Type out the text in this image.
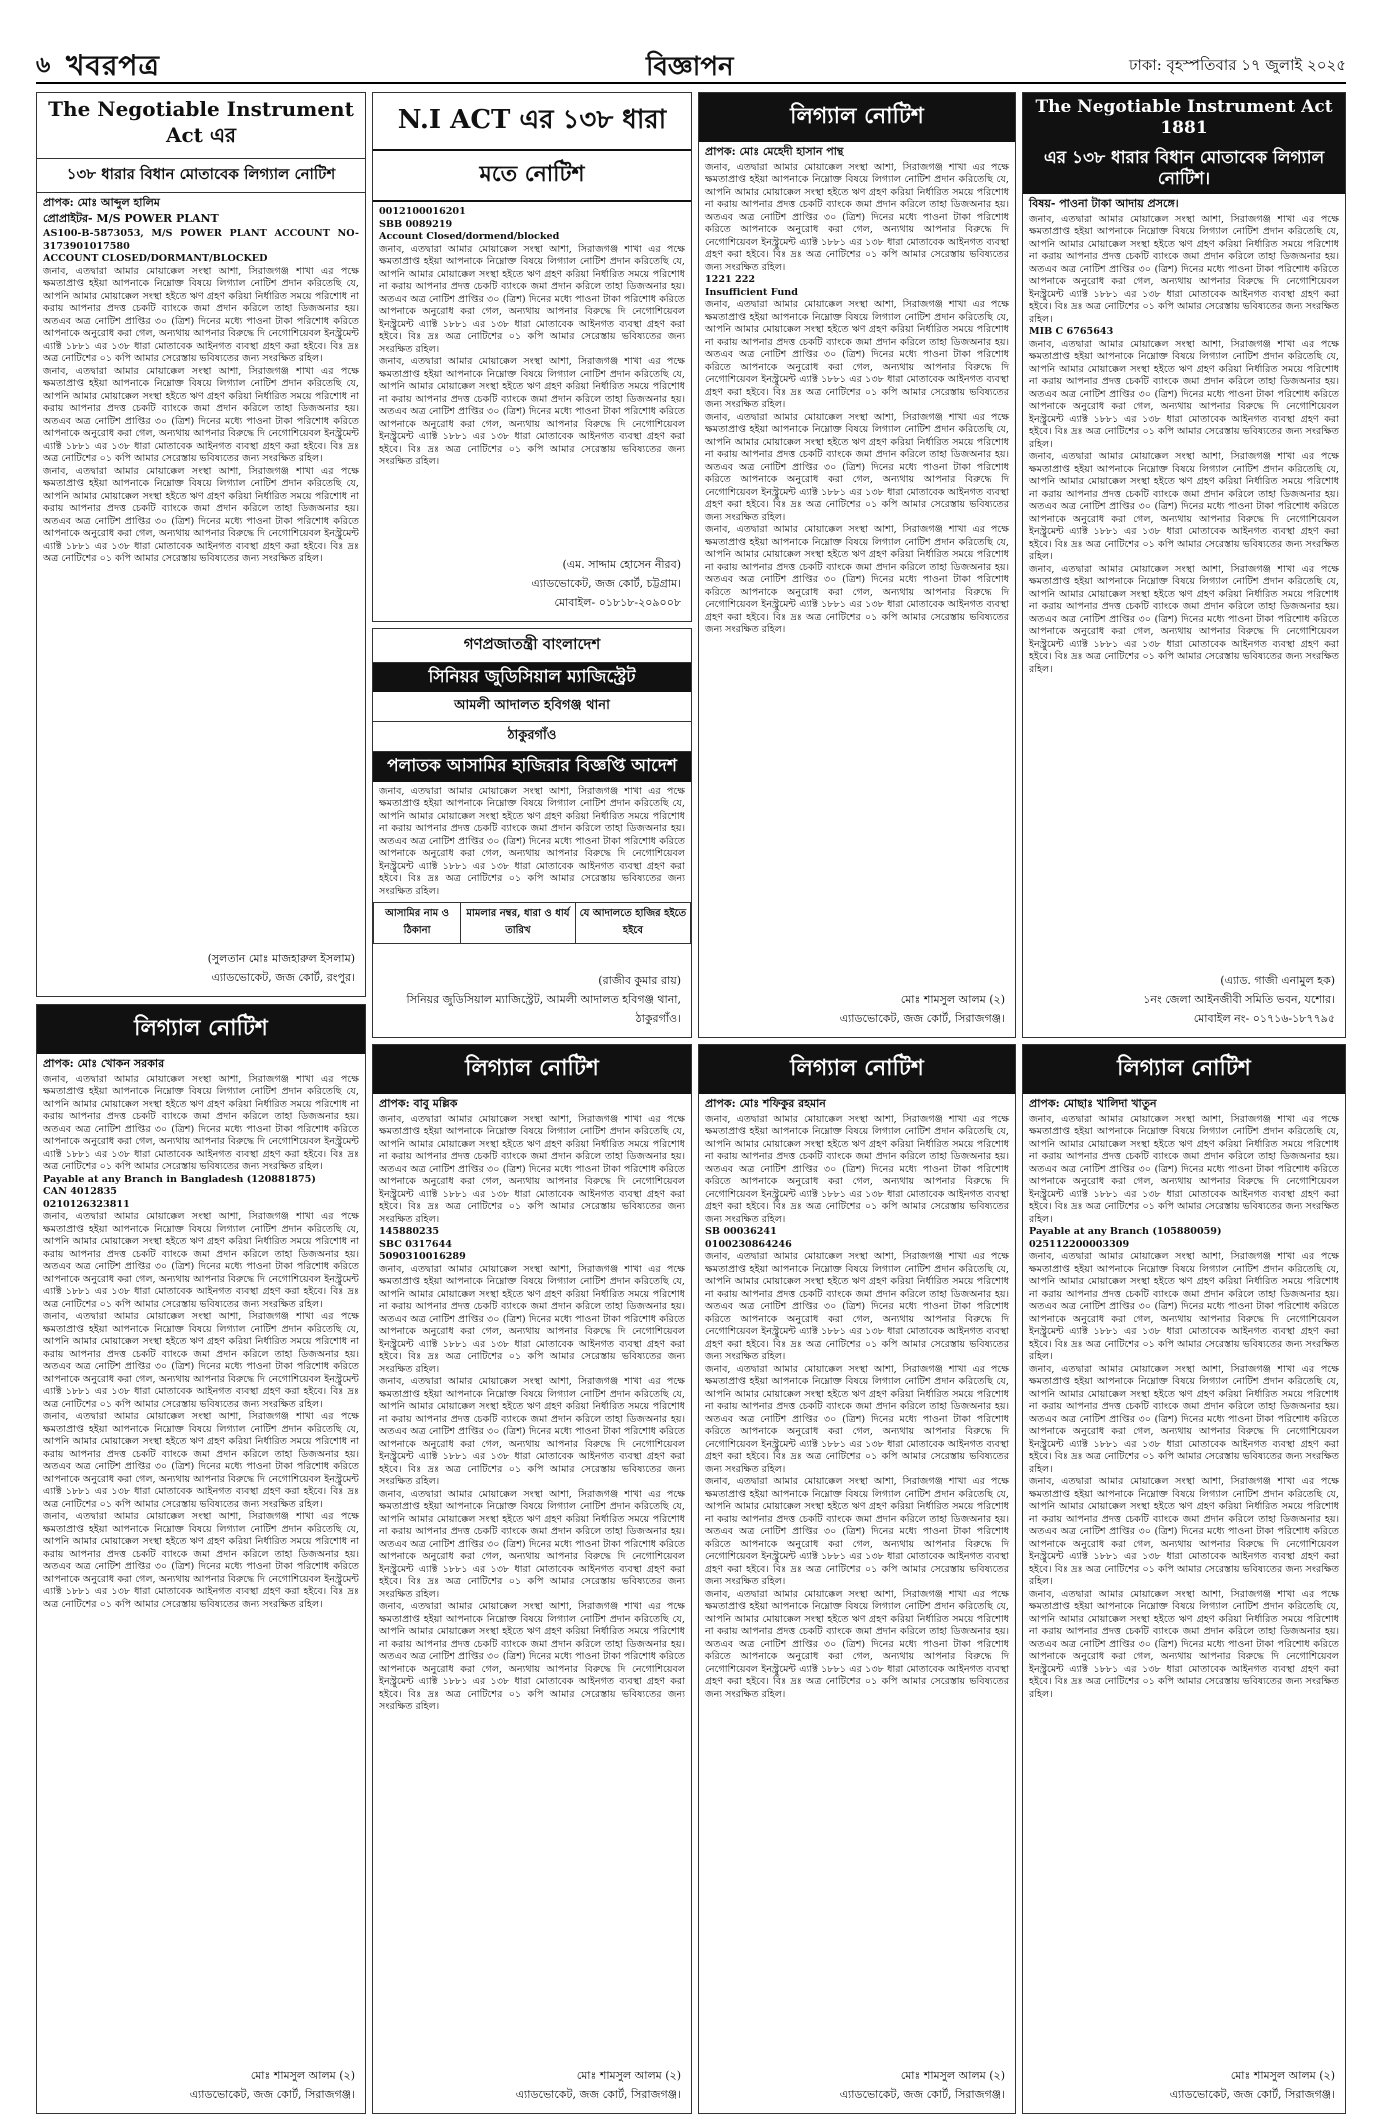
৬ খবরপত্র	বিজ্ঞাপন	ঢাকা: বৃহস্পতিবার ১৭ জুলাই ২০২৫
The Negotiable Instrument Act এর
১৩৮ ধারার বিধান মোতাবেক লিগ্যাল নোটিশ
প্রাপক: মোঃ আব্দুল হালিম
প্রোপ্রাইটর- M/S POWER PLANT
AS100-B-5873053, M/S POWER PLANT ACCOUNT NO-3173901017580
ACCOUNT CLOSED/DORMANT/BLOCKED
জনাব, এতদ্বারা আমার মোয়াক্কেল সংস্থা আশা, সিরাজগঞ্জ শাখা এর পক্ষে ক্ষমতাপ্রাপ্ত হইয়া আপনাকে নিম্নোক্ত বিষয়ে লিগ্যাল নোটিশ প্রদান করিতেছি যে, আপনি আমার মোয়াক্কেল সংস্থা হইতে ঋণ গ্রহণ করিয়া নির্ধারিত সময়ে পরিশোধ না করায় আপনার প্রদত্ত চেকটি ব্যাংকে জমা প্রদান করিলে তাহা ডিজঅনার হয়। অতএব অত্র নোটিশ প্রাপ্তির ৩০ (ত্রিশ) দিনের মধ্যে পাওনা টাকা পরিশোধ করিতে আপনাকে অনুরোধ করা গেল, অন্যথায় আপনার বিরুদ্ধে দি নেগোশিয়েবল ইনস্ট্রুমেন্ট এ্যাক্ট ১৮৮১ এর ১৩৮ ধারা মোতাবেক আইনগত ব্যবস্থা গ্রহণ করা হইবে। বিঃ দ্রঃ অত্র নোটিশের ০১ কপি আমার সেরেস্তায় ভবিষ্যতের জন্য সংরক্ষিত রহিল।
জনাব, এতদ্বারা আমার মোয়াক্কেল সংস্থা আশা, সিরাজগঞ্জ শাখা এর পক্ষে ক্ষমতাপ্রাপ্ত হইয়া আপনাকে নিম্নোক্ত বিষয়ে লিগ্যাল নোটিশ প্রদান করিতেছি যে, আপনি আমার মোয়াক্কেল সংস্থা হইতে ঋণ গ্রহণ করিয়া নির্ধারিত সময়ে পরিশোধ না করায় আপনার প্রদত্ত চেকটি ব্যাংকে জমা প্রদান করিলে তাহা ডিজঅনার হয়। অতএব অত্র নোটিশ প্রাপ্তির ৩০ (ত্রিশ) দিনের মধ্যে পাওনা টাকা পরিশোধ করিতে আপনাকে অনুরোধ করা গেল, অন্যথায় আপনার বিরুদ্ধে দি নেগোশিয়েবল ইনস্ট্রুমেন্ট এ্যাক্ট ১৮৮১ এর ১৩৮ ধারা মোতাবেক আইনগত ব্যবস্থা গ্রহণ করা হইবে। বিঃ দ্রঃ অত্র নোটিশের ০১ কপি আমার সেরেস্তায় ভবিষ্যতের জন্য সংরক্ষিত রহিল।
জনাব, এতদ্বারা আমার মোয়াক্কেল সংস্থা আশা, সিরাজগঞ্জ শাখা এর পক্ষে ক্ষমতাপ্রাপ্ত হইয়া আপনাকে নিম্নোক্ত বিষয়ে লিগ্যাল নোটিশ প্রদান করিতেছি যে, আপনি আমার মোয়াক্কেল সংস্থা হইতে ঋণ গ্রহণ করিয়া নির্ধারিত সময়ে পরিশোধ না করায় আপনার প্রদত্ত চেকটি ব্যাংকে জমা প্রদান করিলে তাহা ডিজঅনার হয়। অতএব অত্র নোটিশ প্রাপ্তির ৩০ (ত্রিশ) দিনের মধ্যে পাওনা টাকা পরিশোধ করিতে আপনাকে অনুরোধ করা গেল, অন্যথায় আপনার বিরুদ্ধে দি নেগোশিয়েবল ইনস্ট্রুমেন্ট এ্যাক্ট ১৮৮১ এর ১৩৮ ধারা মোতাবেক আইনগত ব্যবস্থা গ্রহণ করা হইবে। বিঃ দ্রঃ অত্র নোটিশের ০১ কপি আমার সেরেস্তায় ভবিষ্যতের জন্য সংরক্ষিত রহিল।
(সুলতান মোঃ মাজহারুল ইসলাম)
এ্যাডভোকেট, জজ কোর্ট, রংপুর।
N.I ACT এর ১৩৮ ধারা
মতে নোটিশ
0012100016201
SBB 0089219
Account Closed/dormend/blocked
জনাব, এতদ্বারা আমার মোয়াক্কেল সংস্থা আশা, সিরাজগঞ্জ শাখা এর পক্ষে ক্ষমতাপ্রাপ্ত হইয়া আপনাকে নিম্নোক্ত বিষয়ে লিগ্যাল নোটিশ প্রদান করিতেছি যে, আপনি আমার মোয়াক্কেল সংস্থা হইতে ঋণ গ্রহণ করিয়া নির্ধারিত সময়ে পরিশোধ না করায় আপনার প্রদত্ত চেকটি ব্যাংকে জমা প্রদান করিলে তাহা ডিজঅনার হয়। অতএব অত্র নোটিশ প্রাপ্তির ৩০ (ত্রিশ) দিনের মধ্যে পাওনা টাকা পরিশোধ করিতে আপনাকে অনুরোধ করা গেল, অন্যথায় আপনার বিরুদ্ধে দি নেগোশিয়েবল ইনস্ট্রুমেন্ট এ্যাক্ট ১৮৮১ এর ১৩৮ ধারা মোতাবেক আইনগত ব্যবস্থা গ্রহণ করা হইবে। বিঃ দ্রঃ অত্র নোটিশের ০১ কপি আমার সেরেস্তায় ভবিষ্যতের জন্য সংরক্ষিত রহিল।
জনাব, এতদ্বারা আমার মোয়াক্কেল সংস্থা আশা, সিরাজগঞ্জ শাখা এর পক্ষে ক্ষমতাপ্রাপ্ত হইয়া আপনাকে নিম্নোক্ত বিষয়ে লিগ্যাল নোটিশ প্রদান করিতেছি যে, আপনি আমার মোয়াক্কেল সংস্থা হইতে ঋণ গ্রহণ করিয়া নির্ধারিত সময়ে পরিশোধ না করায় আপনার প্রদত্ত চেকটি ব্যাংকে জমা প্রদান করিলে তাহা ডিজঅনার হয়। অতএব অত্র নোটিশ প্রাপ্তির ৩০ (ত্রিশ) দিনের মধ্যে পাওনা টাকা পরিশোধ করিতে আপনাকে অনুরোধ করা গেল, অন্যথায় আপনার বিরুদ্ধে দি নেগোশিয়েবল ইনস্ট্রুমেন্ট এ্যাক্ট ১৮৮১ এর ১৩৮ ধারা মোতাবেক আইনগত ব্যবস্থা গ্রহণ করা হইবে। বিঃ দ্রঃ অত্র নোটিশের ০১ কপি আমার সেরেস্তায় ভবিষ্যতের জন্য সংরক্ষিত রহিল।
(এম. সাদ্দাম হোসেন নীরব)
এ্যাডভোকেট, জজ কোর্ট, চট্টগ্রাম।
মোবাইল- ০১৮১৮-২০৯০০৮
গণপ্রজাতন্ত্রী বাংলাদেশ
সিনিয়র জুডিসিয়াল ম্যাজিস্ট্রেট
আমলী আদালত হবিগঞ্জ থানা
ঠাকুরগাঁও
পলাতক আসামির হাজিরার বিজ্ঞপ্তি আদেশ
জনাব, এতদ্বারা আমার মোয়াক্কেল সংস্থা আশা, সিরাজগঞ্জ শাখা এর পক্ষে ক্ষমতাপ্রাপ্ত হইয়া আপনাকে নিম্নোক্ত বিষয়ে লিগ্যাল নোটিশ প্রদান করিতেছি যে, আপনি আমার মোয়াক্কেল সংস্থা হইতে ঋণ গ্রহণ করিয়া নির্ধারিত সময়ে পরিশোধ না করায় আপনার প্রদত্ত চেকটি ব্যাংকে জমা প্রদান করিলে তাহা ডিজঅনার হয়। অতএব অত্র নোটিশ প্রাপ্তির ৩০ (ত্রিশ) দিনের মধ্যে পাওনা টাকা পরিশোধ করিতে আপনাকে অনুরোধ করা গেল, অন্যথায় আপনার বিরুদ্ধে দি নেগোশিয়েবল ইনস্ট্রুমেন্ট এ্যাক্ট ১৮৮১ এর ১৩৮ ধারা মোতাবেক আইনগত ব্যবস্থা গ্রহণ করা হইবে। বিঃ দ্রঃ অত্র নোটিশের ০১ কপি আমার সেরেস্তায় ভবিষ্যতের জন্য সংরক্ষিত রহিল।
আসামির নাম ও ঠিকানা	মামলার নম্বর, ধারা ও ধার্য তারিখ	যে আদালতে হাজির হইতে হইবে
(রাজীব কুমার রায়)
সিনিয়র জুডিসিয়াল ম্যাজিস্ট্রেট, আমলী আদালত হবিগঞ্জ থানা, ঠাকুরগাঁও।
লিগ্যাল নোটিশ
প্রাপক: মোঃ মেহেদী হাসান পান্থ
জনাব, এতদ্বারা আমার মোয়াক্কেল সংস্থা আশা, সিরাজগঞ্জ শাখা এর পক্ষে ক্ষমতাপ্রাপ্ত হইয়া আপনাকে নিম্নোক্ত বিষয়ে লিগ্যাল নোটিশ প্রদান করিতেছি যে, আপনি আমার মোয়াক্কেল সংস্থা হইতে ঋণ গ্রহণ করিয়া নির্ধারিত সময়ে পরিশোধ না করায় আপনার প্রদত্ত চেকটি ব্যাংকে জমা প্রদান করিলে তাহা ডিজঅনার হয়। অতএব অত্র নোটিশ প্রাপ্তির ৩০ (ত্রিশ) দিনের মধ্যে পাওনা টাকা পরিশোধ করিতে আপনাকে অনুরোধ করা গেল, অন্যথায় আপনার বিরুদ্ধে দি নেগোশিয়েবল ইনস্ট্রুমেন্ট এ্যাক্ট ১৮৮১ এর ১৩৮ ধারা মোতাবেক আইনগত ব্যবস্থা গ্রহণ করা হইবে। বিঃ দ্রঃ অত্র নোটিশের ০১ কপি আমার সেরেস্তায় ভবিষ্যতের জন্য সংরক্ষিত রহিল।
1221 222
Insufficient Fund
জনাব, এতদ্বারা আমার মোয়াক্কেল সংস্থা আশা, সিরাজগঞ্জ শাখা এর পক্ষে ক্ষমতাপ্রাপ্ত হইয়া আপনাকে নিম্নোক্ত বিষয়ে লিগ্যাল নোটিশ প্রদান করিতেছি যে, আপনি আমার মোয়াক্কেল সংস্থা হইতে ঋণ গ্রহণ করিয়া নির্ধারিত সময়ে পরিশোধ না করায় আপনার প্রদত্ত চেকটি ব্যাংকে জমা প্রদান করিলে তাহা ডিজঅনার হয়। অতএব অত্র নোটিশ প্রাপ্তির ৩০ (ত্রিশ) দিনের মধ্যে পাওনা টাকা পরিশোধ করিতে আপনাকে অনুরোধ করা গেল, অন্যথায় আপনার বিরুদ্ধে দি নেগোশিয়েবল ইনস্ট্রুমেন্ট এ্যাক্ট ১৮৮১ এর ১৩৮ ধারা মোতাবেক আইনগত ব্যবস্থা গ্রহণ করা হইবে। বিঃ দ্রঃ অত্র নোটিশের ০১ কপি আমার সেরেস্তায় ভবিষ্যতের জন্য সংরক্ষিত রহিল।
জনাব, এতদ্বারা আমার মোয়াক্কেল সংস্থা আশা, সিরাজগঞ্জ শাখা এর পক্ষে ক্ষমতাপ্রাপ্ত হইয়া আপনাকে নিম্নোক্ত বিষয়ে লিগ্যাল নোটিশ প্রদান করিতেছি যে, আপনি আমার মোয়াক্কেল সংস্থা হইতে ঋণ গ্রহণ করিয়া নির্ধারিত সময়ে পরিশোধ না করায় আপনার প্রদত্ত চেকটি ব্যাংকে জমা প্রদান করিলে তাহা ডিজঅনার হয়। অতএব অত্র নোটিশ প্রাপ্তির ৩০ (ত্রিশ) দিনের মধ্যে পাওনা টাকা পরিশোধ করিতে আপনাকে অনুরোধ করা গেল, অন্যথায় আপনার বিরুদ্ধে দি নেগোশিয়েবল ইনস্ট্রুমেন্ট এ্যাক্ট ১৮৮১ এর ১৩৮ ধারা মোতাবেক আইনগত ব্যবস্থা গ্রহণ করা হইবে। বিঃ দ্রঃ অত্র নোটিশের ০১ কপি আমার সেরেস্তায় ভবিষ্যতের জন্য সংরক্ষিত রহিল।
জনাব, এতদ্বারা আমার মোয়াক্কেল সংস্থা আশা, সিরাজগঞ্জ শাখা এর পক্ষে ক্ষমতাপ্রাপ্ত হইয়া আপনাকে নিম্নোক্ত বিষয়ে লিগ্যাল নোটিশ প্রদান করিতেছি যে, আপনি আমার মোয়াক্কেল সংস্থা হইতে ঋণ গ্রহণ করিয়া নির্ধারিত সময়ে পরিশোধ না করায় আপনার প্রদত্ত চেকটি ব্যাংকে জমা প্রদান করিলে তাহা ডিজঅনার হয়। অতএব অত্র নোটিশ প্রাপ্তির ৩০ (ত্রিশ) দিনের মধ্যে পাওনা টাকা পরিশোধ করিতে আপনাকে অনুরোধ করা গেল, অন্যথায় আপনার বিরুদ্ধে দি নেগোশিয়েবল ইনস্ট্রুমেন্ট এ্যাক্ট ১৮৮১ এর ১৩৮ ধারা মোতাবেক আইনগত ব্যবস্থা গ্রহণ করা হইবে। বিঃ দ্রঃ অত্র নোটিশের ০১ কপি আমার সেরেস্তায় ভবিষ্যতের জন্য সংরক্ষিত রহিল।
মোঃ শামসুল আলম (২)
এ্যাডভোকেট, জজ কোর্ট, সিরাজগঞ্জ।
The Negotiable Instrument Act 1881
এর ১৩৮ ধারার বিধান মোতাবেক লিগ্যাল নোটিশ।
বিষয়- পাওনা টাকা আদায় প্রসঙ্গে।
জনাব, এতদ্বারা আমার মোয়াক্কেল সংস্থা আশা, সিরাজগঞ্জ শাখা এর পক্ষে ক্ষমতাপ্রাপ্ত হইয়া আপনাকে নিম্নোক্ত বিষয়ে লিগ্যাল নোটিশ প্রদান করিতেছি যে, আপনি আমার মোয়াক্কেল সংস্থা হইতে ঋণ গ্রহণ করিয়া নির্ধারিত সময়ে পরিশোধ না করায় আপনার প্রদত্ত চেকটি ব্যাংকে জমা প্রদান করিলে তাহা ডিজঅনার হয়। অতএব অত্র নোটিশ প্রাপ্তির ৩০ (ত্রিশ) দিনের মধ্যে পাওনা টাকা পরিশোধ করিতে আপনাকে অনুরোধ করা গেল, অন্যথায় আপনার বিরুদ্ধে দি নেগোশিয়েবল ইনস্ট্রুমেন্ট এ্যাক্ট ১৮৮১ এর ১৩৮ ধারা মোতাবেক আইনগত ব্যবস্থা গ্রহণ করা হইবে। বিঃ দ্রঃ অত্র নোটিশের ০১ কপি আমার সেরেস্তায় ভবিষ্যতের জন্য সংরক্ষিত রহিল।
MIB C 6765643
জনাব, এতদ্বারা আমার মোয়াক্কেল সংস্থা আশা, সিরাজগঞ্জ শাখা এর পক্ষে ক্ষমতাপ্রাপ্ত হইয়া আপনাকে নিম্নোক্ত বিষয়ে লিগ্যাল নোটিশ প্রদান করিতেছি যে, আপনি আমার মোয়াক্কেল সংস্থা হইতে ঋণ গ্রহণ করিয়া নির্ধারিত সময়ে পরিশোধ না করায় আপনার প্রদত্ত চেকটি ব্যাংকে জমা প্রদান করিলে তাহা ডিজঅনার হয়। অতএব অত্র নোটিশ প্রাপ্তির ৩০ (ত্রিশ) দিনের মধ্যে পাওনা টাকা পরিশোধ করিতে আপনাকে অনুরোধ করা গেল, অন্যথায় আপনার বিরুদ্ধে দি নেগোশিয়েবল ইনস্ট্রুমেন্ট এ্যাক্ট ১৮৮১ এর ১৩৮ ধারা মোতাবেক আইনগত ব্যবস্থা গ্রহণ করা হইবে। বিঃ দ্রঃ অত্র নোটিশের ০১ কপি আমার সেরেস্তায় ভবিষ্যতের জন্য সংরক্ষিত রহিল।
জনাব, এতদ্বারা আমার মোয়াক্কেল সংস্থা আশা, সিরাজগঞ্জ শাখা এর পক্ষে ক্ষমতাপ্রাপ্ত হইয়া আপনাকে নিম্নোক্ত বিষয়ে লিগ্যাল নোটিশ প্রদান করিতেছি যে, আপনি আমার মোয়াক্কেল সংস্থা হইতে ঋণ গ্রহণ করিয়া নির্ধারিত সময়ে পরিশোধ না করায় আপনার প্রদত্ত চেকটি ব্যাংকে জমা প্রদান করিলে তাহা ডিজঅনার হয়। অতএব অত্র নোটিশ প্রাপ্তির ৩০ (ত্রিশ) দিনের মধ্যে পাওনা টাকা পরিশোধ করিতে আপনাকে অনুরোধ করা গেল, অন্যথায় আপনার বিরুদ্ধে দি নেগোশিয়েবল ইনস্ট্রুমেন্ট এ্যাক্ট ১৮৮১ এর ১৩৮ ধারা মোতাবেক আইনগত ব্যবস্থা গ্রহণ করা হইবে। বিঃ দ্রঃ অত্র নোটিশের ০১ কপি আমার সেরেস্তায় ভবিষ্যতের জন্য সংরক্ষিত রহিল।
জনাব, এতদ্বারা আমার মোয়াক্কেল সংস্থা আশা, সিরাজগঞ্জ শাখা এর পক্ষে ক্ষমতাপ্রাপ্ত হইয়া আপনাকে নিম্নোক্ত বিষয়ে লিগ্যাল নোটিশ প্রদান করিতেছি যে, আপনি আমার মোয়াক্কেল সংস্থা হইতে ঋণ গ্রহণ করিয়া নির্ধারিত সময়ে পরিশোধ না করায় আপনার প্রদত্ত চেকটি ব্যাংকে জমা প্রদান করিলে তাহা ডিজঅনার হয়। অতএব অত্র নোটিশ প্রাপ্তির ৩০ (ত্রিশ) দিনের মধ্যে পাওনা টাকা পরিশোধ করিতে আপনাকে অনুরোধ করা গেল, অন্যথায় আপনার বিরুদ্ধে দি নেগোশিয়েবল ইনস্ট্রুমেন্ট এ্যাক্ট ১৮৮১ এর ১৩৮ ধারা মোতাবেক আইনগত ব্যবস্থা গ্রহণ করা হইবে। বিঃ দ্রঃ অত্র নোটিশের ০১ কপি আমার সেরেস্তায় ভবিষ্যতের জন্য সংরক্ষিত রহিল।
(এ্যাড. গাজী এনামুল হক)
১নং জেলা আইনজীবী সমিতি ভবন, যশোর।
মোবাইল নং- ০১৭১৬-১৮৭৭৯৫
লিগ্যাল নোটিশ
প্রাপক: মোঃ খোকন সরকার
জনাব, এতদ্বারা আমার মোয়াক্কেল সংস্থা আশা, সিরাজগঞ্জ শাখা এর পক্ষে ক্ষমতাপ্রাপ্ত হইয়া আপনাকে নিম্নোক্ত বিষয়ে লিগ্যাল নোটিশ প্রদান করিতেছি যে, আপনি আমার মোয়াক্কেল সংস্থা হইতে ঋণ গ্রহণ করিয়া নির্ধারিত সময়ে পরিশোধ না করায় আপনার প্রদত্ত চেকটি ব্যাংকে জমা প্রদান করিলে তাহা ডিজঅনার হয়। অতএব অত্র নোটিশ প্রাপ্তির ৩০ (ত্রিশ) দিনের মধ্যে পাওনা টাকা পরিশোধ করিতে আপনাকে অনুরোধ করা গেল, অন্যথায় আপনার বিরুদ্ধে দি নেগোশিয়েবল ইনস্ট্রুমেন্ট এ্যাক্ট ১৮৮১ এর ১৩৮ ধারা মোতাবেক আইনগত ব্যবস্থা গ্রহণ করা হইবে। বিঃ দ্রঃ অত্র নোটিশের ০১ কপি আমার সেরেস্তায় ভবিষ্যতের জন্য সংরক্ষিত রহিল।
Payable at any Branch in Bangladesh (120881875)
CAN 4012835
0210126323811
জনাব, এতদ্বারা আমার মোয়াক্কেল সংস্থা আশা, সিরাজগঞ্জ শাখা এর পক্ষে ক্ষমতাপ্রাপ্ত হইয়া আপনাকে নিম্নোক্ত বিষয়ে লিগ্যাল নোটিশ প্রদান করিতেছি যে, আপনি আমার মোয়াক্কেল সংস্থা হইতে ঋণ গ্রহণ করিয়া নির্ধারিত সময়ে পরিশোধ না করায় আপনার প্রদত্ত চেকটি ব্যাংকে জমা প্রদান করিলে তাহা ডিজঅনার হয়। অতএব অত্র নোটিশ প্রাপ্তির ৩০ (ত্রিশ) দিনের মধ্যে পাওনা টাকা পরিশোধ করিতে আপনাকে অনুরোধ করা গেল, অন্যথায় আপনার বিরুদ্ধে দি নেগোশিয়েবল ইনস্ট্রুমেন্ট এ্যাক্ট ১৮৮১ এর ১৩৮ ধারা মোতাবেক আইনগত ব্যবস্থা গ্রহণ করা হইবে। বিঃ দ্রঃ অত্র নোটিশের ০১ কপি আমার সেরেস্তায় ভবিষ্যতের জন্য সংরক্ষিত রহিল।
জনাব, এতদ্বারা আমার মোয়াক্কেল সংস্থা আশা, সিরাজগঞ্জ শাখা এর পক্ষে ক্ষমতাপ্রাপ্ত হইয়া আপনাকে নিম্নোক্ত বিষয়ে লিগ্যাল নোটিশ প্রদান করিতেছি যে, আপনি আমার মোয়াক্কেল সংস্থা হইতে ঋণ গ্রহণ করিয়া নির্ধারিত সময়ে পরিশোধ না করায় আপনার প্রদত্ত চেকটি ব্যাংকে জমা প্রদান করিলে তাহা ডিজঅনার হয়। অতএব অত্র নোটিশ প্রাপ্তির ৩০ (ত্রিশ) দিনের মধ্যে পাওনা টাকা পরিশোধ করিতে আপনাকে অনুরোধ করা গেল, অন্যথায় আপনার বিরুদ্ধে দি নেগোশিয়েবল ইনস্ট্রুমেন্ট এ্যাক্ট ১৮৮১ এর ১৩৮ ধারা মোতাবেক আইনগত ব্যবস্থা গ্রহণ করা হইবে। বিঃ দ্রঃ অত্র নোটিশের ০১ কপি আমার সেরেস্তায় ভবিষ্যতের জন্য সংরক্ষিত রহিল।
জনাব, এতদ্বারা আমার মোয়াক্কেল সংস্থা আশা, সিরাজগঞ্জ শাখা এর পক্ষে ক্ষমতাপ্রাপ্ত হইয়া আপনাকে নিম্নোক্ত বিষয়ে লিগ্যাল নোটিশ প্রদান করিতেছি যে, আপনি আমার মোয়াক্কেল সংস্থা হইতে ঋণ গ্রহণ করিয়া নির্ধারিত সময়ে পরিশোধ না করায় আপনার প্রদত্ত চেকটি ব্যাংকে জমা প্রদান করিলে তাহা ডিজঅনার হয়। অতএব অত্র নোটিশ প্রাপ্তির ৩০ (ত্রিশ) দিনের মধ্যে পাওনা টাকা পরিশোধ করিতে আপনাকে অনুরোধ করা গেল, অন্যথায় আপনার বিরুদ্ধে দি নেগোশিয়েবল ইনস্ট্রুমেন্ট এ্যাক্ট ১৮৮১ এর ১৩৮ ধারা মোতাবেক আইনগত ব্যবস্থা গ্রহণ করা হইবে। বিঃ দ্রঃ অত্র নোটিশের ০১ কপি আমার সেরেস্তায় ভবিষ্যতের জন্য সংরক্ষিত রহিল।
জনাব, এতদ্বারা আমার মোয়াক্কেল সংস্থা আশা, সিরাজগঞ্জ শাখা এর পক্ষে ক্ষমতাপ্রাপ্ত হইয়া আপনাকে নিম্নোক্ত বিষয়ে লিগ্যাল নোটিশ প্রদান করিতেছি যে, আপনি আমার মোয়াক্কেল সংস্থা হইতে ঋণ গ্রহণ করিয়া নির্ধারিত সময়ে পরিশোধ না করায় আপনার প্রদত্ত চেকটি ব্যাংকে জমা প্রদান করিলে তাহা ডিজঅনার হয়। অতএব অত্র নোটিশ প্রাপ্তির ৩০ (ত্রিশ) দিনের মধ্যে পাওনা টাকা পরিশোধ করিতে আপনাকে অনুরোধ করা গেল, অন্যথায় আপনার বিরুদ্ধে দি নেগোশিয়েবল ইনস্ট্রুমেন্ট এ্যাক্ট ১৮৮১ এর ১৩৮ ধারা মোতাবেক আইনগত ব্যবস্থা গ্রহণ করা হইবে। বিঃ দ্রঃ অত্র নোটিশের ০১ কপি আমার সেরেস্তায় ভবিষ্যতের জন্য সংরক্ষিত রহিল।
মোঃ শামসুল আলম (২)
এ্যাডভোকেট, জজ কোর্ট, সিরাজগঞ্জ।
লিগ্যাল নোটিশ
প্রাপক: বাবু মল্লিক
জনাব, এতদ্বারা আমার মোয়াক্কেল সংস্থা আশা, সিরাজগঞ্জ শাখা এর পক্ষে ক্ষমতাপ্রাপ্ত হইয়া আপনাকে নিম্নোক্ত বিষয়ে লিগ্যাল নোটিশ প্রদান করিতেছি যে, আপনি আমার মোয়াক্কেল সংস্থা হইতে ঋণ গ্রহণ করিয়া নির্ধারিত সময়ে পরিশোধ না করায় আপনার প্রদত্ত চেকটি ব্যাংকে জমা প্রদান করিলে তাহা ডিজঅনার হয়। অতএব অত্র নোটিশ প্রাপ্তির ৩০ (ত্রিশ) দিনের মধ্যে পাওনা টাকা পরিশোধ করিতে আপনাকে অনুরোধ করা গেল, অন্যথায় আপনার বিরুদ্ধে দি নেগোশিয়েবল ইনস্ট্রুমেন্ট এ্যাক্ট ১৮৮১ এর ১৩৮ ধারা মোতাবেক আইনগত ব্যবস্থা গ্রহণ করা হইবে। বিঃ দ্রঃ অত্র নোটিশের ০১ কপি আমার সেরেস্তায় ভবিষ্যতের জন্য সংরক্ষিত রহিল।
145880235
SBC 0317644
5090310016289
জনাব, এতদ্বারা আমার মোয়াক্কেল সংস্থা আশা, সিরাজগঞ্জ শাখা এর পক্ষে ক্ষমতাপ্রাপ্ত হইয়া আপনাকে নিম্নোক্ত বিষয়ে লিগ্যাল নোটিশ প্রদান করিতেছি যে, আপনি আমার মোয়াক্কেল সংস্থা হইতে ঋণ গ্রহণ করিয়া নির্ধারিত সময়ে পরিশোধ না করায় আপনার প্রদত্ত চেকটি ব্যাংকে জমা প্রদান করিলে তাহা ডিজঅনার হয়। অতএব অত্র নোটিশ প্রাপ্তির ৩০ (ত্রিশ) দিনের মধ্যে পাওনা টাকা পরিশোধ করিতে আপনাকে অনুরোধ করা গেল, অন্যথায় আপনার বিরুদ্ধে দি নেগোশিয়েবল ইনস্ট্রুমেন্ট এ্যাক্ট ১৮৮১ এর ১৩৮ ধারা মোতাবেক আইনগত ব্যবস্থা গ্রহণ করা হইবে। বিঃ দ্রঃ অত্র নোটিশের ০১ কপি আমার সেরেস্তায় ভবিষ্যতের জন্য সংরক্ষিত রহিল।
জনাব, এতদ্বারা আমার মোয়াক্কেল সংস্থা আশা, সিরাজগঞ্জ শাখা এর পক্ষে ক্ষমতাপ্রাপ্ত হইয়া আপনাকে নিম্নোক্ত বিষয়ে লিগ্যাল নোটিশ প্রদান করিতেছি যে, আপনি আমার মোয়াক্কেল সংস্থা হইতে ঋণ গ্রহণ করিয়া নির্ধারিত সময়ে পরিশোধ না করায় আপনার প্রদত্ত চেকটি ব্যাংকে জমা প্রদান করিলে তাহা ডিজঅনার হয়। অতএব অত্র নোটিশ প্রাপ্তির ৩০ (ত্রিশ) দিনের মধ্যে পাওনা টাকা পরিশোধ করিতে আপনাকে অনুরোধ করা গেল, অন্যথায় আপনার বিরুদ্ধে দি নেগোশিয়েবল ইনস্ট্রুমেন্ট এ্যাক্ট ১৮৮১ এর ১৩৮ ধারা মোতাবেক আইনগত ব্যবস্থা গ্রহণ করা হইবে। বিঃ দ্রঃ অত্র নোটিশের ০১ কপি আমার সেরেস্তায় ভবিষ্যতের জন্য সংরক্ষিত রহিল।
জনাব, এতদ্বারা আমার মোয়াক্কেল সংস্থা আশা, সিরাজগঞ্জ শাখা এর পক্ষে ক্ষমতাপ্রাপ্ত হইয়া আপনাকে নিম্নোক্ত বিষয়ে লিগ্যাল নোটিশ প্রদান করিতেছি যে, আপনি আমার মোয়াক্কেল সংস্থা হইতে ঋণ গ্রহণ করিয়া নির্ধারিত সময়ে পরিশোধ না করায় আপনার প্রদত্ত চেকটি ব্যাংকে জমা প্রদান করিলে তাহা ডিজঅনার হয়। অতএব অত্র নোটিশ প্রাপ্তির ৩০ (ত্রিশ) দিনের মধ্যে পাওনা টাকা পরিশোধ করিতে আপনাকে অনুরোধ করা গেল, অন্যথায় আপনার বিরুদ্ধে দি নেগোশিয়েবল ইনস্ট্রুমেন্ট এ্যাক্ট ১৮৮১ এর ১৩৮ ধারা মোতাবেক আইনগত ব্যবস্থা গ্রহণ করা হইবে। বিঃ দ্রঃ অত্র নোটিশের ০১ কপি আমার সেরেস্তায় ভবিষ্যতের জন্য সংরক্ষিত রহিল।
জনাব, এতদ্বারা আমার মোয়াক্কেল সংস্থা আশা, সিরাজগঞ্জ শাখা এর পক্ষে ক্ষমতাপ্রাপ্ত হইয়া আপনাকে নিম্নোক্ত বিষয়ে লিগ্যাল নোটিশ প্রদান করিতেছি যে, আপনি আমার মোয়াক্কেল সংস্থা হইতে ঋণ গ্রহণ করিয়া নির্ধারিত সময়ে পরিশোধ না করায় আপনার প্রদত্ত চেকটি ব্যাংকে জমা প্রদান করিলে তাহা ডিজঅনার হয়। অতএব অত্র নোটিশ প্রাপ্তির ৩০ (ত্রিশ) দিনের মধ্যে পাওনা টাকা পরিশোধ করিতে আপনাকে অনুরোধ করা গেল, অন্যথায় আপনার বিরুদ্ধে দি নেগোশিয়েবল ইনস্ট্রুমেন্ট এ্যাক্ট ১৮৮১ এর ১৩৮ ধারা মোতাবেক আইনগত ব্যবস্থা গ্রহণ করা হইবে। বিঃ দ্রঃ অত্র নোটিশের ০১ কপি আমার সেরেস্তায় ভবিষ্যতের জন্য সংরক্ষিত রহিল।
মোঃ শামসুল আলম (২)
এ্যাডভোকেট, জজ কোর্ট, সিরাজগঞ্জ।
লিগ্যাল নোটিশ
প্রাপক: মোঃ শফিকুর রহমান
জনাব, এতদ্বারা আমার মোয়াক্কেল সংস্থা আশা, সিরাজগঞ্জ শাখা এর পক্ষে ক্ষমতাপ্রাপ্ত হইয়া আপনাকে নিম্নোক্ত বিষয়ে লিগ্যাল নোটিশ প্রদান করিতেছি যে, আপনি আমার মোয়াক্কেল সংস্থা হইতে ঋণ গ্রহণ করিয়া নির্ধারিত সময়ে পরিশোধ না করায় আপনার প্রদত্ত চেকটি ব্যাংকে জমা প্রদান করিলে তাহা ডিজঅনার হয়। অতএব অত্র নোটিশ প্রাপ্তির ৩০ (ত্রিশ) দিনের মধ্যে পাওনা টাকা পরিশোধ করিতে আপনাকে অনুরোধ করা গেল, অন্যথায় আপনার বিরুদ্ধে দি নেগোশিয়েবল ইনস্ট্রুমেন্ট এ্যাক্ট ১৮৮১ এর ১৩৮ ধারা মোতাবেক আইনগত ব্যবস্থা গ্রহণ করা হইবে। বিঃ দ্রঃ অত্র নোটিশের ০১ কপি আমার সেরেস্তায় ভবিষ্যতের জন্য সংরক্ষিত রহিল।
SB 00036241
0100230864246
জনাব, এতদ্বারা আমার মোয়াক্কেল সংস্থা আশা, সিরাজগঞ্জ শাখা এর পক্ষে ক্ষমতাপ্রাপ্ত হইয়া আপনাকে নিম্নোক্ত বিষয়ে লিগ্যাল নোটিশ প্রদান করিতেছি যে, আপনি আমার মোয়াক্কেল সংস্থা হইতে ঋণ গ্রহণ করিয়া নির্ধারিত সময়ে পরিশোধ না করায় আপনার প্রদত্ত চেকটি ব্যাংকে জমা প্রদান করিলে তাহা ডিজঅনার হয়। অতএব অত্র নোটিশ প্রাপ্তির ৩০ (ত্রিশ) দিনের মধ্যে পাওনা টাকা পরিশোধ করিতে আপনাকে অনুরোধ করা গেল, অন্যথায় আপনার বিরুদ্ধে দি নেগোশিয়েবল ইনস্ট্রুমেন্ট এ্যাক্ট ১৮৮১ এর ১৩৮ ধারা মোতাবেক আইনগত ব্যবস্থা গ্রহণ করা হইবে। বিঃ দ্রঃ অত্র নোটিশের ০১ কপি আমার সেরেস্তায় ভবিষ্যতের জন্য সংরক্ষিত রহিল।
জনাব, এতদ্বারা আমার মোয়াক্কেল সংস্থা আশা, সিরাজগঞ্জ শাখা এর পক্ষে ক্ষমতাপ্রাপ্ত হইয়া আপনাকে নিম্নোক্ত বিষয়ে লিগ্যাল নোটিশ প্রদান করিতেছি যে, আপনি আমার মোয়াক্কেল সংস্থা হইতে ঋণ গ্রহণ করিয়া নির্ধারিত সময়ে পরিশোধ না করায় আপনার প্রদত্ত চেকটি ব্যাংকে জমা প্রদান করিলে তাহা ডিজঅনার হয়। অতএব অত্র নোটিশ প্রাপ্তির ৩০ (ত্রিশ) দিনের মধ্যে পাওনা টাকা পরিশোধ করিতে আপনাকে অনুরোধ করা গেল, অন্যথায় আপনার বিরুদ্ধে দি নেগোশিয়েবল ইনস্ট্রুমেন্ট এ্যাক্ট ১৮৮১ এর ১৩৮ ধারা মোতাবেক আইনগত ব্যবস্থা গ্রহণ করা হইবে। বিঃ দ্রঃ অত্র নোটিশের ০১ কপি আমার সেরেস্তায় ভবিষ্যতের জন্য সংরক্ষিত রহিল।
জনাব, এতদ্বারা আমার মোয়াক্কেল সংস্থা আশা, সিরাজগঞ্জ শাখা এর পক্ষে ক্ষমতাপ্রাপ্ত হইয়া আপনাকে নিম্নোক্ত বিষয়ে লিগ্যাল নোটিশ প্রদান করিতেছি যে, আপনি আমার মোয়াক্কেল সংস্থা হইতে ঋণ গ্রহণ করিয়া নির্ধারিত সময়ে পরিশোধ না করায় আপনার প্রদত্ত চেকটি ব্যাংকে জমা প্রদান করিলে তাহা ডিজঅনার হয়। অতএব অত্র নোটিশ প্রাপ্তির ৩০ (ত্রিশ) দিনের মধ্যে পাওনা টাকা পরিশোধ করিতে আপনাকে অনুরোধ করা গেল, অন্যথায় আপনার বিরুদ্ধে দি নেগোশিয়েবল ইনস্ট্রুমেন্ট এ্যাক্ট ১৮৮১ এর ১৩৮ ধারা মোতাবেক আইনগত ব্যবস্থা গ্রহণ করা হইবে। বিঃ দ্রঃ অত্র নোটিশের ০১ কপি আমার সেরেস্তায় ভবিষ্যতের জন্য সংরক্ষিত রহিল।
জনাব, এতদ্বারা আমার মোয়াক্কেল সংস্থা আশা, সিরাজগঞ্জ শাখা এর পক্ষে ক্ষমতাপ্রাপ্ত হইয়া আপনাকে নিম্নোক্ত বিষয়ে লিগ্যাল নোটিশ প্রদান করিতেছি যে, আপনি আমার মোয়াক্কেল সংস্থা হইতে ঋণ গ্রহণ করিয়া নির্ধারিত সময়ে পরিশোধ না করায় আপনার প্রদত্ত চেকটি ব্যাংকে জমা প্রদান করিলে তাহা ডিজঅনার হয়। অতএব অত্র নোটিশ প্রাপ্তির ৩০ (ত্রিশ) দিনের মধ্যে পাওনা টাকা পরিশোধ করিতে আপনাকে অনুরোধ করা গেল, অন্যথায় আপনার বিরুদ্ধে দি নেগোশিয়েবল ইনস্ট্রুমেন্ট এ্যাক্ট ১৮৮১ এর ১৩৮ ধারা মোতাবেক আইনগত ব্যবস্থা গ্রহণ করা হইবে। বিঃ দ্রঃ অত্র নোটিশের ০১ কপি আমার সেরেস্তায় ভবিষ্যতের জন্য সংরক্ষিত রহিল।
মোঃ শামসুল আলম (২)
এ্যাডভোকেট, জজ কোর্ট, সিরাজগঞ্জ।
লিগ্যাল নোটিশ
প্রাপক: মোছাঃ খালিদা খাতুন
জনাব, এতদ্বারা আমার মোয়াক্কেল সংস্থা আশা, সিরাজগঞ্জ শাখা এর পক্ষে ক্ষমতাপ্রাপ্ত হইয়া আপনাকে নিম্নোক্ত বিষয়ে লিগ্যাল নোটিশ প্রদান করিতেছি যে, আপনি আমার মোয়াক্কেল সংস্থা হইতে ঋণ গ্রহণ করিয়া নির্ধারিত সময়ে পরিশোধ না করায় আপনার প্রদত্ত চেকটি ব্যাংকে জমা প্রদান করিলে তাহা ডিজঅনার হয়। অতএব অত্র নোটিশ প্রাপ্তির ৩০ (ত্রিশ) দিনের মধ্যে পাওনা টাকা পরিশোধ করিতে আপনাকে অনুরোধ করা গেল, অন্যথায় আপনার বিরুদ্ধে দি নেগোশিয়েবল ইনস্ট্রুমেন্ট এ্যাক্ট ১৮৮১ এর ১৩৮ ধারা মোতাবেক আইনগত ব্যবস্থা গ্রহণ করা হইবে। বিঃ দ্রঃ অত্র নোটিশের ০১ কপি আমার সেরেস্তায় ভবিষ্যতের জন্য সংরক্ষিত রহিল।
Payable at any Branch (105880059)
025112200003309
জনাব, এতদ্বারা আমার মোয়াক্কেল সংস্থা আশা, সিরাজগঞ্জ শাখা এর পক্ষে ক্ষমতাপ্রাপ্ত হইয়া আপনাকে নিম্নোক্ত বিষয়ে লিগ্যাল নোটিশ প্রদান করিতেছি যে, আপনি আমার মোয়াক্কেল সংস্থা হইতে ঋণ গ্রহণ করিয়া নির্ধারিত সময়ে পরিশোধ না করায় আপনার প্রদত্ত চেকটি ব্যাংকে জমা প্রদান করিলে তাহা ডিজঅনার হয়। অতএব অত্র নোটিশ প্রাপ্তির ৩০ (ত্রিশ) দিনের মধ্যে পাওনা টাকা পরিশোধ করিতে আপনাকে অনুরোধ করা গেল, অন্যথায় আপনার বিরুদ্ধে দি নেগোশিয়েবল ইনস্ট্রুমেন্ট এ্যাক্ট ১৮৮১ এর ১৩৮ ধারা মোতাবেক আইনগত ব্যবস্থা গ্রহণ করা হইবে। বিঃ দ্রঃ অত্র নোটিশের ০১ কপি আমার সেরেস্তায় ভবিষ্যতের জন্য সংরক্ষিত রহিল।
জনাব, এতদ্বারা আমার মোয়াক্কেল সংস্থা আশা, সিরাজগঞ্জ শাখা এর পক্ষে ক্ষমতাপ্রাপ্ত হইয়া আপনাকে নিম্নোক্ত বিষয়ে লিগ্যাল নোটিশ প্রদান করিতেছি যে, আপনি আমার মোয়াক্কেল সংস্থা হইতে ঋণ গ্রহণ করিয়া নির্ধারিত সময়ে পরিশোধ না করায় আপনার প্রদত্ত চেকটি ব্যাংকে জমা প্রদান করিলে তাহা ডিজঅনার হয়। অতএব অত্র নোটিশ প্রাপ্তির ৩০ (ত্রিশ) দিনের মধ্যে পাওনা টাকা পরিশোধ করিতে আপনাকে অনুরোধ করা গেল, অন্যথায় আপনার বিরুদ্ধে দি নেগোশিয়েবল ইনস্ট্রুমেন্ট এ্যাক্ট ১৮৮১ এর ১৩৮ ধারা মোতাবেক আইনগত ব্যবস্থা গ্রহণ করা হইবে। বিঃ দ্রঃ অত্র নোটিশের ০১ কপি আমার সেরেস্তায় ভবিষ্যতের জন্য সংরক্ষিত রহিল।
জনাব, এতদ্বারা আমার মোয়াক্কেল সংস্থা আশা, সিরাজগঞ্জ শাখা এর পক্ষে ক্ষমতাপ্রাপ্ত হইয়া আপনাকে নিম্নোক্ত বিষয়ে লিগ্যাল নোটিশ প্রদান করিতেছি যে, আপনি আমার মোয়াক্কেল সংস্থা হইতে ঋণ গ্রহণ করিয়া নির্ধারিত সময়ে পরিশোধ না করায় আপনার প্রদত্ত চেকটি ব্যাংকে জমা প্রদান করিলে তাহা ডিজঅনার হয়। অতএব অত্র নোটিশ প্রাপ্তির ৩০ (ত্রিশ) দিনের মধ্যে পাওনা টাকা পরিশোধ করিতে আপনাকে অনুরোধ করা গেল, অন্যথায় আপনার বিরুদ্ধে দি নেগোশিয়েবল ইনস্ট্রুমেন্ট এ্যাক্ট ১৮৮১ এর ১৩৮ ধারা মোতাবেক আইনগত ব্যবস্থা গ্রহণ করা হইবে। বিঃ দ্রঃ অত্র নোটিশের ০১ কপি আমার সেরেস্তায় ভবিষ্যতের জন্য সংরক্ষিত রহিল।
জনাব, এতদ্বারা আমার মোয়াক্কেল সংস্থা আশা, সিরাজগঞ্জ শাখা এর পক্ষে ক্ষমতাপ্রাপ্ত হইয়া আপনাকে নিম্নোক্ত বিষয়ে লিগ্যাল নোটিশ প্রদান করিতেছি যে, আপনি আমার মোয়াক্কেল সংস্থা হইতে ঋণ গ্রহণ করিয়া নির্ধারিত সময়ে পরিশোধ না করায় আপনার প্রদত্ত চেকটি ব্যাংকে জমা প্রদান করিলে তাহা ডিজঅনার হয়। অতএব অত্র নোটিশ প্রাপ্তির ৩০ (ত্রিশ) দিনের মধ্যে পাওনা টাকা পরিশোধ করিতে আপনাকে অনুরোধ করা গেল, অন্যথায় আপনার বিরুদ্ধে দি নেগোশিয়েবল ইনস্ট্রুমেন্ট এ্যাক্ট ১৮৮১ এর ১৩৮ ধারা মোতাবেক আইনগত ব্যবস্থা গ্রহণ করা হইবে। বিঃ দ্রঃ অত্র নোটিশের ০১ কপি আমার সেরেস্তায় ভবিষ্যতের জন্য সংরক্ষিত রহিল।
মোঃ শামসুল আলম (২)
এ্যাডভোকেট, জজ কোর্ট, সিরাজগঞ্জ।
